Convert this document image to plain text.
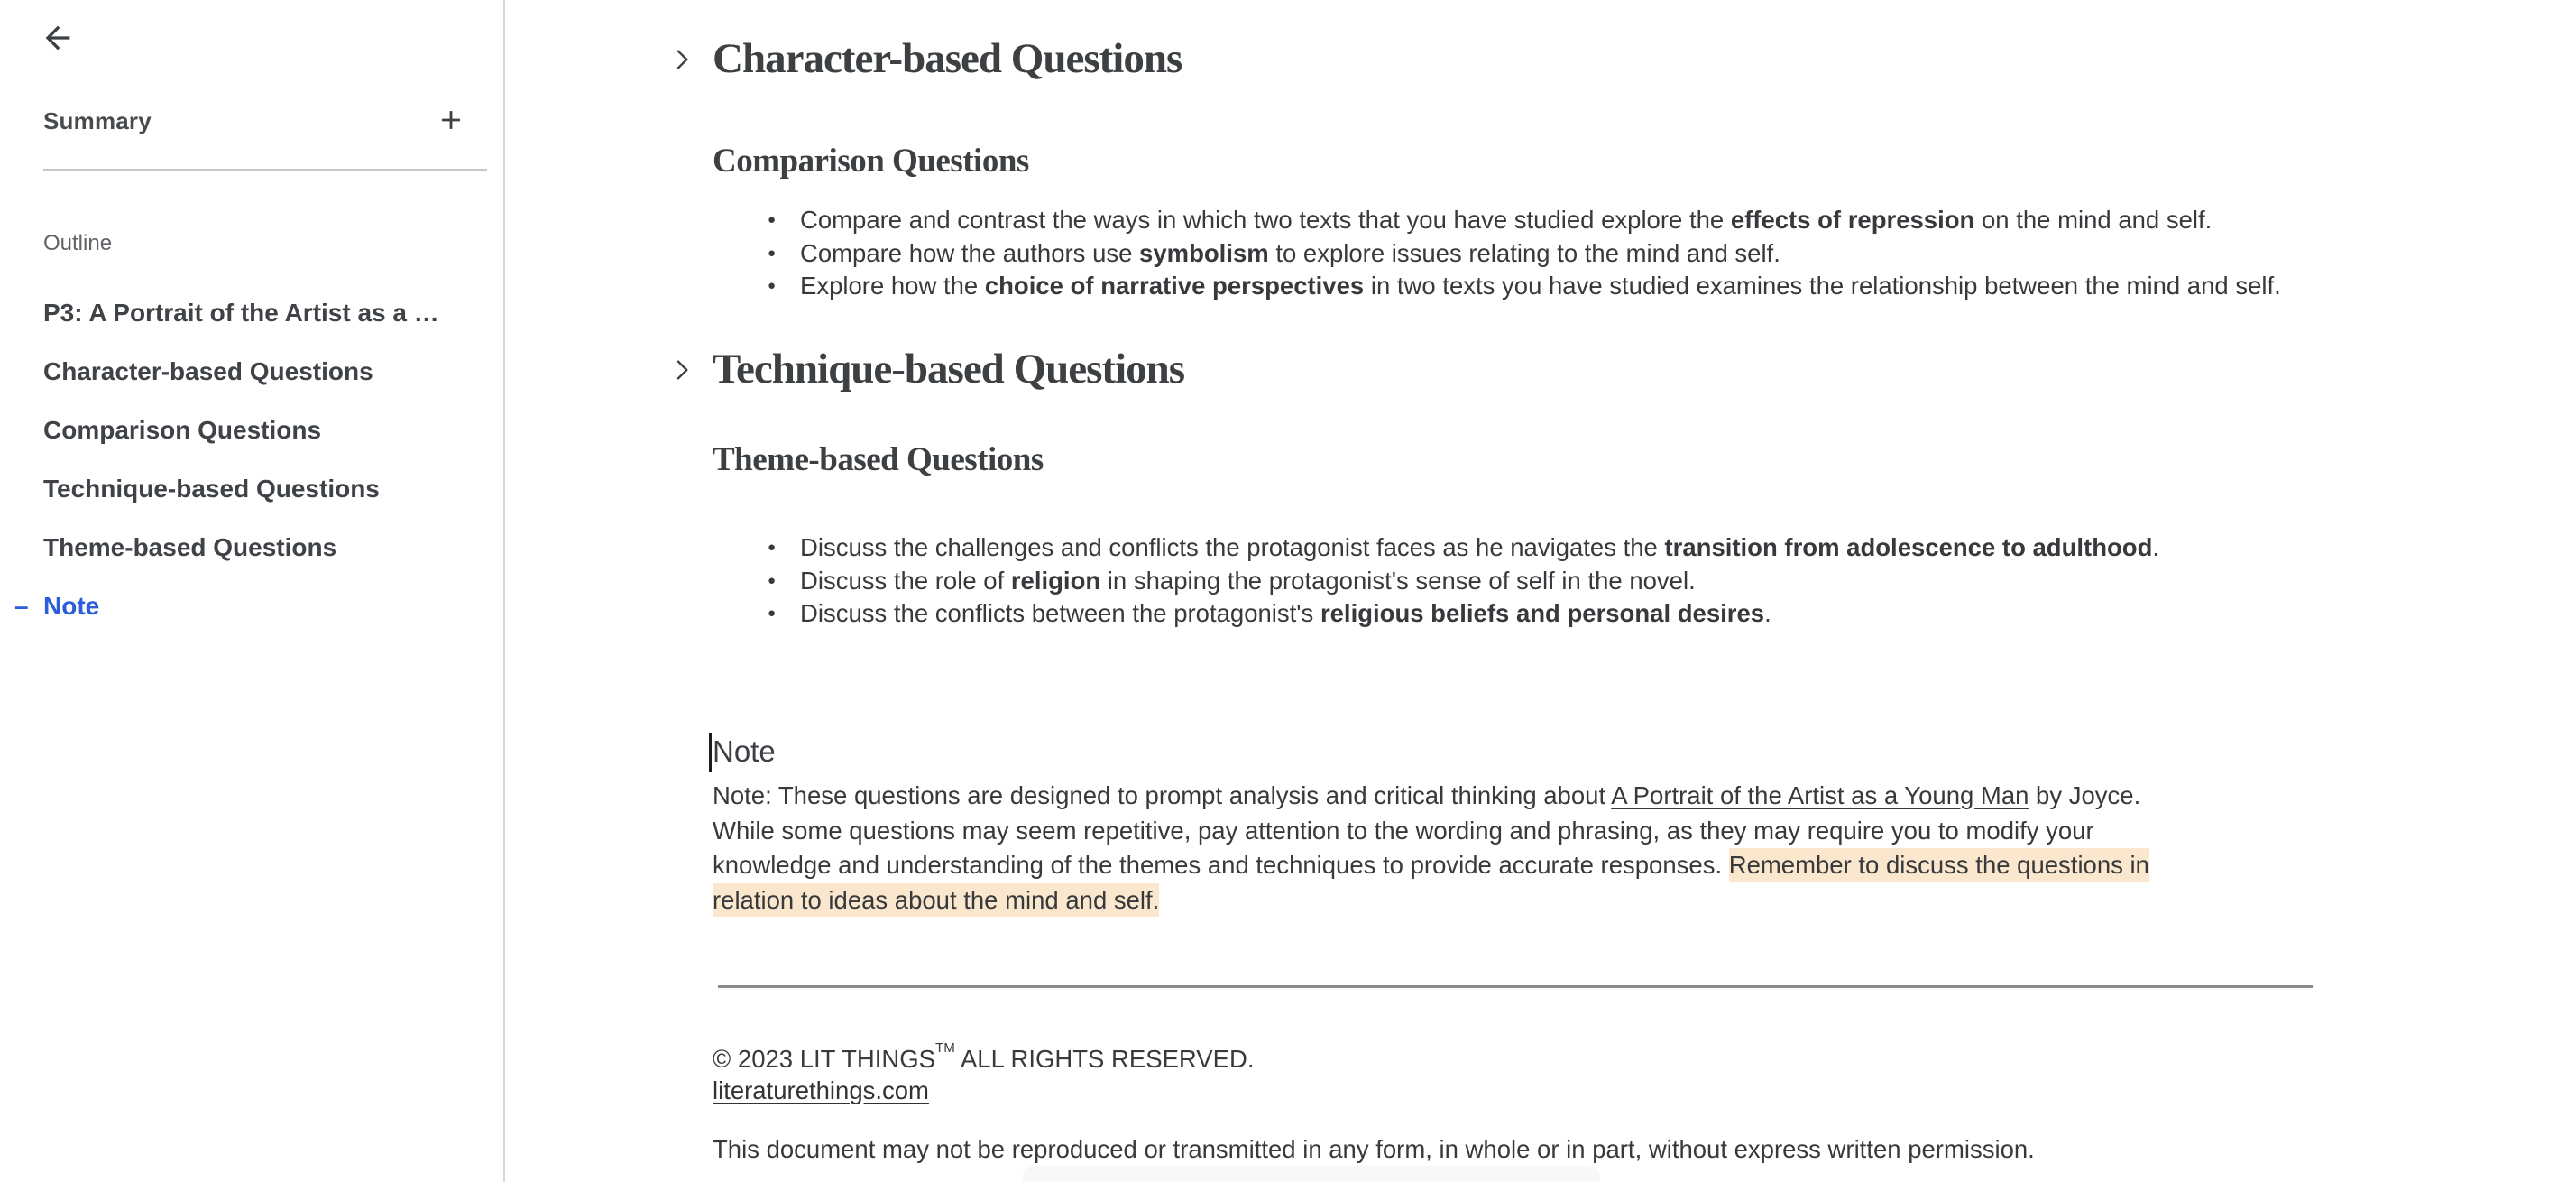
Summary
Outline
P3: A Portrait of the Artist as a …
Character-based Questions
Comparison Questions
Technique-based Questions
Theme-based Questions
– Note
Character-based Questions
Comparison Questions
● Compare and contrast the ways in which two texts that you have studied explore the effects of repression on the mind and self.
● Compare how the authors use symbolism to explore issues relating to the mind and self.
● Explore how the choice of narrative perspectives in two texts you have studied examines the relationship between the mind and self.
Technique-based Questions
Theme-based Questions
● Discuss the challenges and conflicts the protagonist faces as he navigates the transition from adolescence to adulthood.
● Discuss the role of religion in shaping the protagonist's sense of self in the novel.
● Discuss the conflicts between the protagonist's religious beliefs and personal desires.
Note

Note: These questions are designed to prompt analysis and critical thinking about A Portrait of the Artist as a Young Man by Joyce.
While some questions may seem repetitive, pay attention to the wording and phrasing, as they may require you to modify your
knowledge and understanding of the themes and techniques to provide accurate responses. Remember to discuss the questions in
relation to ideas about the mind and self.

© 2023 LIT THINGS™ ALL RIGHTS RESERVED.

literaturethings.com

This document may not be reproduced or transmitted in any form, in whole or in part, without express written permission.
